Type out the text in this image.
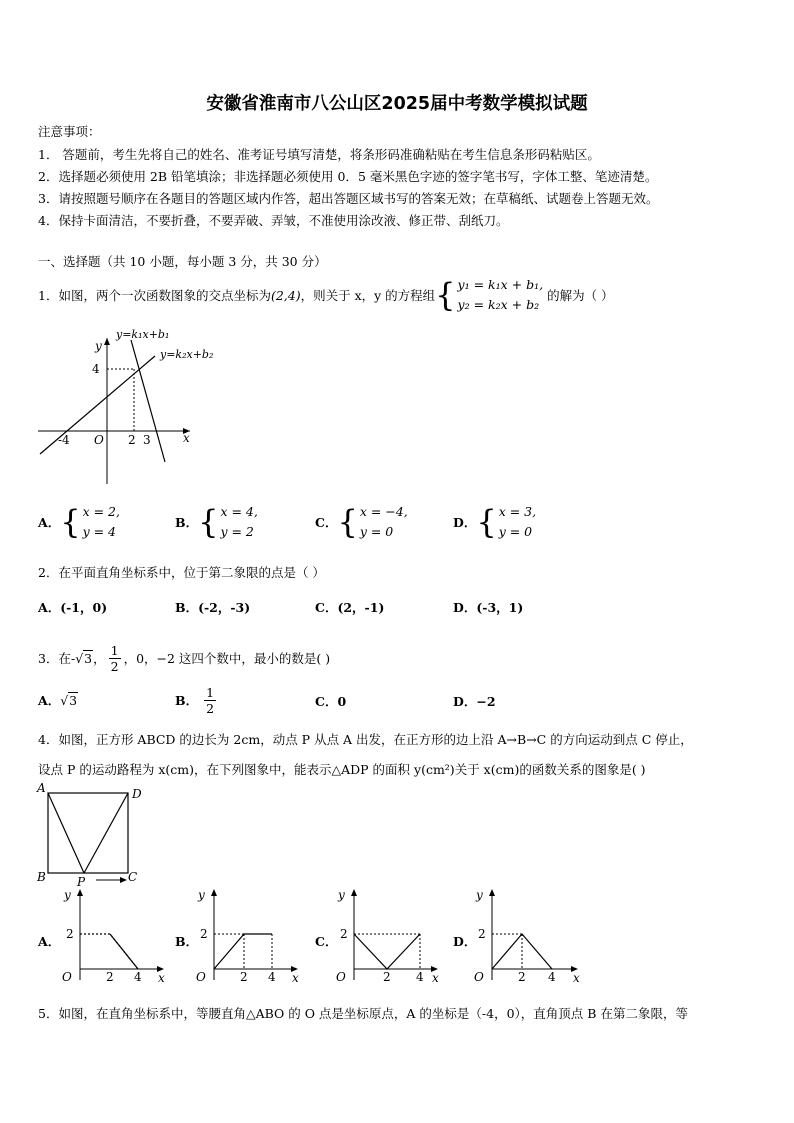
安徽省淮南市八公山区2025届中考数学模拟试题
注意事项：
1． 答题前，考生先将自己的姓名、准考证号填写清楚，将条形码准确粘贴在考生信息条形码粘贴区。
2．选择题必须使用 2B 铅笔填涂；非选择题必须使用 0．5 毫米黑色字迹的签字笔书写，字体工整、笔迹清楚。
3．请按照题号顺序在各题目的答题区域内作答，超出答题区域书写的答案无效；在草稿纸、试题卷上答题无效。
4．保持卡面清洁，不要折叠，不要弄破、弄皱，不准使用涂改液、修正带、刮纸刀。
一、选择题（共 10 小题，每小题 3 分，共 30 分）
1．如图，两个一次函数图象的交点坐标为 (2,4) ，则关于 x，y 的方程组 { y₁ = k₁x + b₁,
y₂ = k₂x + b₂
的解为（ ）
y=k₁x+b₁
y=k₂x+b₂
y
x
O
4
-4	2 3
A． { x = 2,
y = 4
B． { x = 4,
y = 2
C． { x = −4,
y = 0
D． { x = 3,
y = 0
2．在平面直角坐标系中，位于第二象限的点是（ ）
A．(-1，0)	B．(-2，-3)	C．(2，-1)	D．(-3，1)
3．在- √ 3 ， $\frac{1}{2}$ ，0，−2 这四个数中，最小的数是( )
A． √ 3	B． $\frac{1}{2}$	C．0	D．−2
4．如图，正方形 ABCD 的边长为 2cm，动点 P 从点 A 出发，在正方形的边上沿 A→B→C 的方向运动到点 C 停止，
设点 P 的运动路程为 x(cm)，在下列图象中，能表示△ADP 的面积 y(cm²)关于 x(cm)的函数关系的图象是( )
A	D
B	C
P
A．
y
x
O
2
2 4
B．
y
x
O
2
2 4
C．
y
x
O
2
2 4
D．
y
x
O
2
2 4
5．如图，在直角坐标系中，等腰直角△ABO 的 O 点是坐标原点，A 的坐标是（-4，0），直角顶点 B 在第二象限，等
